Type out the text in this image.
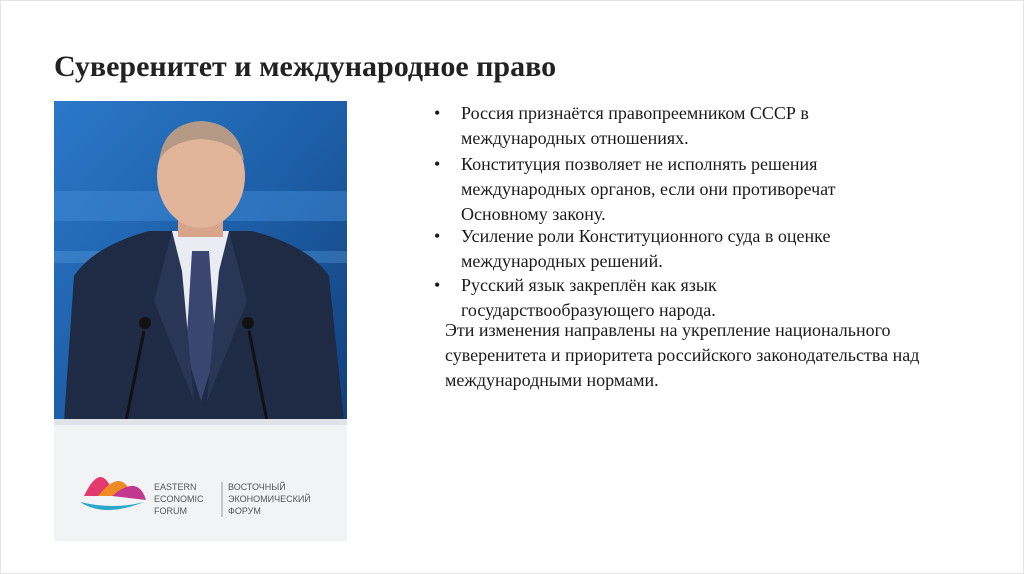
Суверенитет и международное право
EASTERN
ECONOMIC
FORUM
ВОСТОЧНЫЙ
ЭКОНОМИЧЕСКИЙ
ФОРУМ
• Россия признаётся правопреемником СССР в международных отношениях.
• Конституция позволяет не исполнять решения международных органов, если они противоречат Основному закону.
• Усиление роли Конституционного суда в оценке международных решений.
• Русский язык закреплён как язык государствообразующего народа.

Эти изменения направлены на укрепление национального суверенитета и приоритета российского законодательства над международными нормами.
